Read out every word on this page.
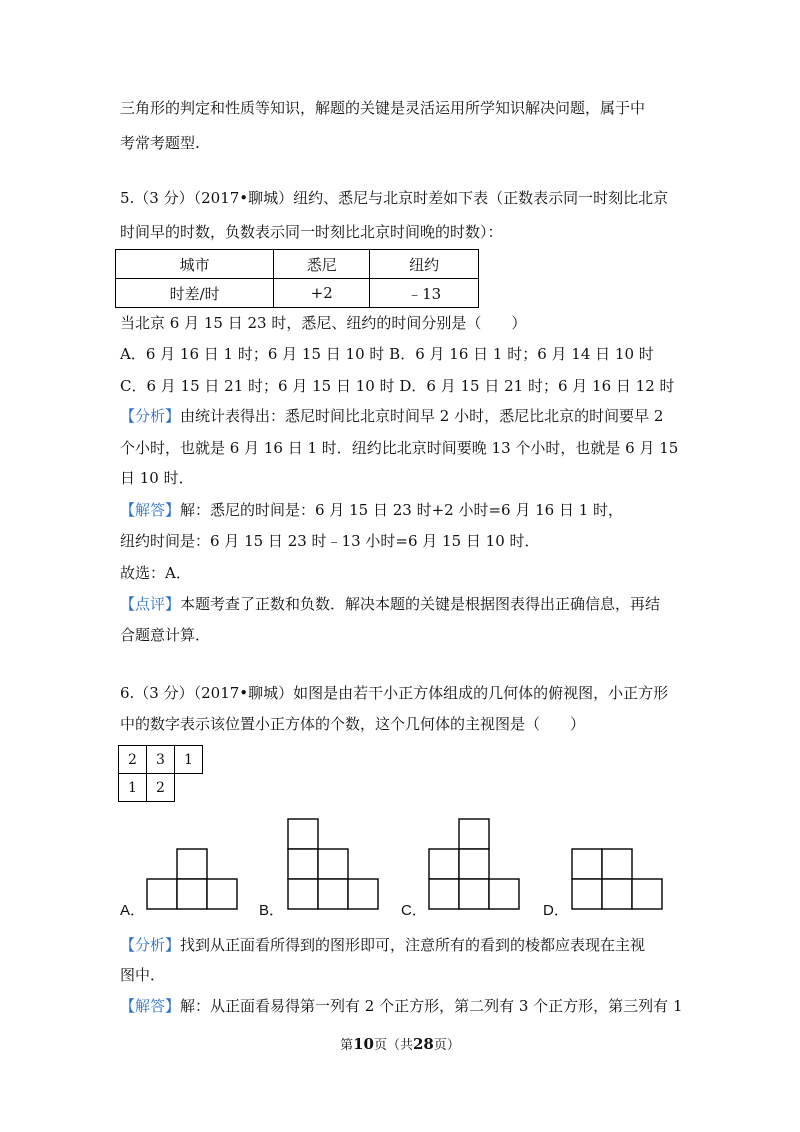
三角形的判定和性质等知识，解题的关键是灵活运用所学知识解决问题，属于中
考常考题型.
5.（3 分）（2017•聊城）纽约、悉尼与北京时差如下表（正数表示同一时刻比北京
时间早的时数，负数表示同一时刻比北京时间晚的时数）：
城市	悉尼	纽约
时差/时	+2	﹣13
当北京 6 月 15 日 23 时，悉尼、纽约的时间分别是（　　）
A．6 月 16 日 1 时；6 月 15 日 10 时 B．6 月 16 日 1 时；6 月 14 日 10 时
C．6 月 15 日 21 时；6 月 15 日 10 时 D．6 月 15 日 21 时；6 月 16 日 12 时
【分析】由统计表得出：悉尼时间比北京时间早 2 小时，悉尼比北京的时间要早 2
个小时，也就是 6 月 16 日 1 时．纽约比北京时间要晚 13 个小时，也就是 6 月 15
日 10 时．
【解答】解：悉尼的时间是：6 月 15 日 23 时+2 小时=6 月 16 日 1 时，
纽约时间是：6 月 15 日 23 时﹣13 小时=6 月 15 日 10 时．
故选：A．
【点评】本题考查了正数和负数．解决本题的关键是根据图表得出正确信息，再结
合题意计算．
6.（3 分）（2017•聊城）如图是由若干小正方体组成的几何体的俯视图，小正方形
中的数字表示该位置小正方体的个数，这个几何体的主视图是（　　）
2	3	1
1	2	
A．	B．	C．	D．
【分析】找到从正面看所得到的图形即可，注意所有的看到的棱都应表现在主视
图中．
【解答】解：从正面看易得第一列有 2 个正方形，第二列有 3 个正方形，第三列有 1
第10页（共28页）
